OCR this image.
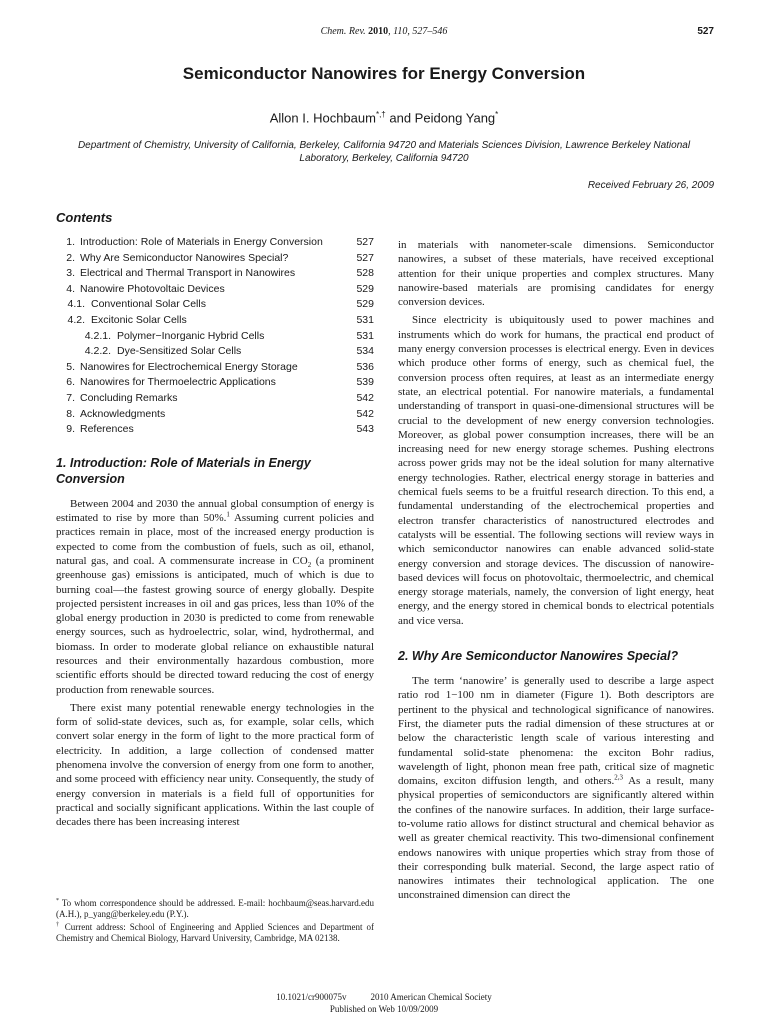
Chem. Rev. 2010, 110, 527–546	527
Semiconductor Nanowires for Energy Conversion
Allon I. Hochbaum*,† and Peidong Yang*
Department of Chemistry, University of California, Berkeley, California 94720 and Materials Sciences Division, Lawrence Berkeley National Laboratory, Berkeley, California 94720
Received February 26, 2009
Contents
1. Introduction: Role of Materials in Energy Conversion	527
2. Why Are Semiconductor Nanowires Special?	527
3. Electrical and Thermal Transport in Nanowires	528
4. Nanowire Photovoltaic Devices	529
4.1. Conventional Solar Cells	529
4.2. Excitonic Solar Cells	531
4.2.1. Polymer−Inorganic Hybrid Cells	531
4.2.2. Dye-Sensitized Solar Cells	534
5. Nanowires for Electrochemical Energy Storage	536
6. Nanowires for Thermoelectric Applications	539
7. Concluding Remarks	542
8. Acknowledgments	542
9. References	543
1. Introduction: Role of Materials in Energy Conversion

Between 2004 and 2030 the annual global consumption of energy is estimated to rise by more than 50%.$^1$ Assuming current policies and practices remain in place, most of the increased energy production is expected to come from the combustion of fuels, such as oil, ethanol, natural gas, and coal. A commensurate increase in $CO_2$ (a prominent greenhouse gas) emissions is anticipated, much of which is due to burning coal—the fastest growing source of energy globally. Despite projected persistent increases in oil and gas prices, less than 10% of the global energy production in 2030 is predicted to come from renewable energy sources, such as hydroelectric, solar, wind, hydrothermal, and biomass. In order to moderate global reliance on exhaustible natural resources and their environmentally hazardous combustion, more scientific efforts should be directed toward reducing the cost of energy production from renewable sources.

There exist many potential renewable energy technologies in the form of solid-state devices, such as, for example, solar cells, which convert solar energy in the form of light to the more practical form of electricity. In addition, a large collection of condensed matter phenomena involve the conversion of energy from one form to another, and some proceed with efficiency near unity. Consequently, the study of energy conversion in materials is a field full of opportunities for practical and socially significant applications. Within the last couple of decades there has been increasing interest

* To whom correspondence should be addressed. E-mail: hochbaum@seas.harvard.edu (A.H.), p_yang@berkeley.edu (P.Y.).

† Current address: School of Engineering and Applied Sciences and Department of Chemistry and Chemical Biology, Harvard University, Cambridge, MA 02138.

in materials with nanometer-scale dimensions. Semiconductor nanowires, a subset of these materials, have received exceptional attention for their unique properties and complex structures. Many nanowire-based materials are promising candidates for energy conversion devices.

Since electricity is ubiquitously used to power machines and instruments which do work for humans, the practical end product of many energy conversion processes is electrical energy. Even in devices which produce other forms of energy, such as chemical fuel, the conversion process often requires, at least as an intermediate energy state, an electrical potential. For nanowire materials, a fundamental understanding of transport in quasi-one-dimensional structures will be crucial to the development of new energy conversion technologies. Moreover, as global power consumption increases, there will be an increasing need for new energy storage schemes. Pushing electrons across power grids may not be the ideal solution for many alternative energy technologies. Rather, electrical energy storage in batteries and chemical fuels seems to be a fruitful research direction. To this end, a fundamental understanding of the electrochemical properties and electron transfer characteristics of nanostructured electrodes and catalysts will be essential. The following sections will review ways in which semiconductor nanowires can enable advanced solid-state energy conversion and storage devices. The discussion of nanowire-based devices will focus on photovoltaic, thermoelectric, and chemical energy storage materials, namely, the conversion of light energy, heat energy, and the energy stored in chemical bonds to electrical potentials and vice versa.

2. Why Are Semiconductor Nanowires Special?

The term ‘nanowire’ is generally used to describe a large aspect ratio rod 1−100 nm in diameter (Figure 1). Both descriptors are pertinent to the physical and technological significance of nanowires. First, the diameter puts the radial dimension of these structures at or below the characteristic length scale of various interesting and fundamental solid-state phenomena: the exciton Bohr radius, wavelength of light, phonon mean free path, critical size of magnetic domains, exciton diffusion length, and others.$^{2,3}$ As a result, many physical properties of semiconductors are significantly altered within the confines of the nanowire surfaces. In addition, their large surface-to-volume ratio allows for distinct structural and chemical behavior as well as greater chemical reactivity. This two-dimensional confinement endows nanowires with unique properties which stray from those of their corresponding bulk material. Second, the large aspect ratio of nanowires intimates their technological application. The one unconstrained dimension can direct the

10.1021/cr900075v	2010 American Chemical Society
Published on Web 10/09/2009
